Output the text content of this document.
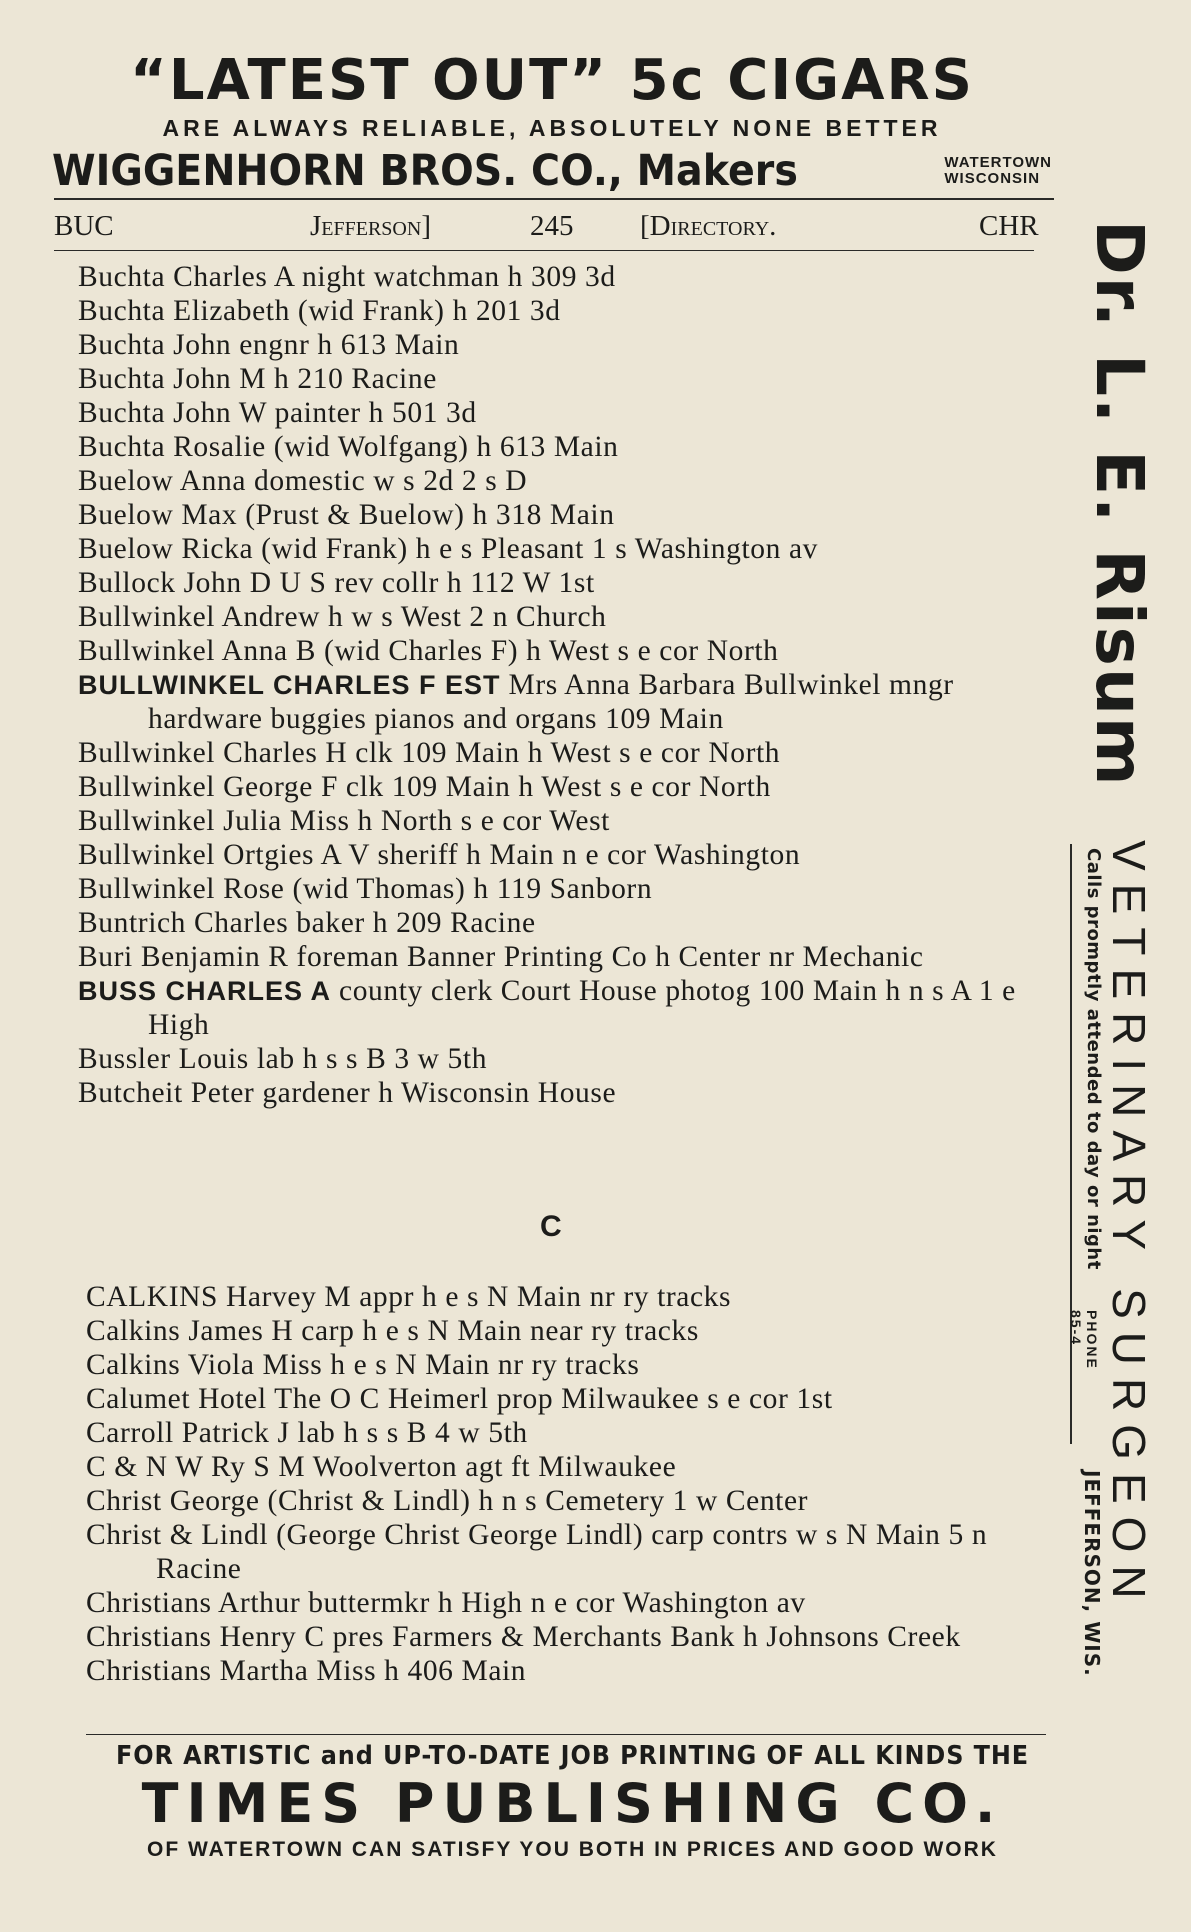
“LATEST OUT” 5c CIGARS
ARE ALWAYS RELIABLE, ABSOLUTELY NONE BETTER
WIGGENHORN BROS. CO., Makers	WATERTOWN
WISCONSIN
BUC	Jefferson]	245 [Directory.	CHR
Buchta Charles A night watchman h 309 3d
Buchta Elizabeth (wid Frank) h 201 3d
Buchta John engnr h 613 Main
Buchta John M h 210 Racine
Buchta John W painter h 501 3d
Buchta Rosalie (wid Wolfgang) h 613 Main
Buelow Anna domestic w s 2d 2 s D
Buelow Max (Prust & Buelow) h 318 Main
Buelow Ricka (wid Frank) h e s Pleasant 1 s Washington av
Bullock John D U S rev collr h 112 W 1st
Bullwinkel Andrew h w s West 2 n Church
Bullwinkel Anna B (wid Charles F) h West s e cor North
BULLWINKEL CHARLES F EST Mrs Anna Barbara Bullwinkel mngr hardware buggies pianos and organs 109 Main
Bullwinkel Charles H clk 109 Main h West s e cor North
Bullwinkel George F clk 109 Main h West s e cor North
Bullwinkel Julia Miss h North s e cor West
Bullwinkel Ortgies A V sheriff h Main n e cor Washington
Bullwinkel Rose (wid Thomas) h 119 Sanborn
Buntrich Charles baker h 209 Racine
Buri Benjamin R foreman Banner Printing Co h Center nr Mechanic
BUSS CHARLES A county clerk Court House photog 100 Main h n s A 1 e High
Bussler Louis lab h s s B 3 w 5th
Butcheit Peter gardener h Wisconsin House
C
CALKINS Harvey M appr h e s N Main nr ry tracks
Calkins James H carp h e s N Main near ry tracks
Calkins Viola Miss h e s N Main nr ry tracks
Calumet Hotel The O C Heimerl prop Milwaukee s e cor 1st
Carroll Patrick J lab h s s B 4 w 5th
C & N W Ry S M Woolverton agt ft Milwaukee
Christ George (Christ & Lindl) h n s Cemetery 1 w Center
Christ & Lindl (George Christ George Lindl) carp contrs w s N Main 5 n Racine
Christians Arthur buttermkr h High n e cor Washington av
Christians Henry C pres Farmers & Merchants Bank h Johnsons Creek
Christians Martha Miss h 406 Main
Dr. L. E. Risum
Calls promptly attended to day or night VETERINARY SURGEON
PHONE
85-4
JEFFERSON, WIS.
FOR ARTISTIC and UP-TO-DATE JOB PRINTING OF ALL KINDS THE
TIMES PUBLISHING CO.
OF WATERTOWN CAN SATISFY YOU BOTH IN PRICES AND GOOD WORK
